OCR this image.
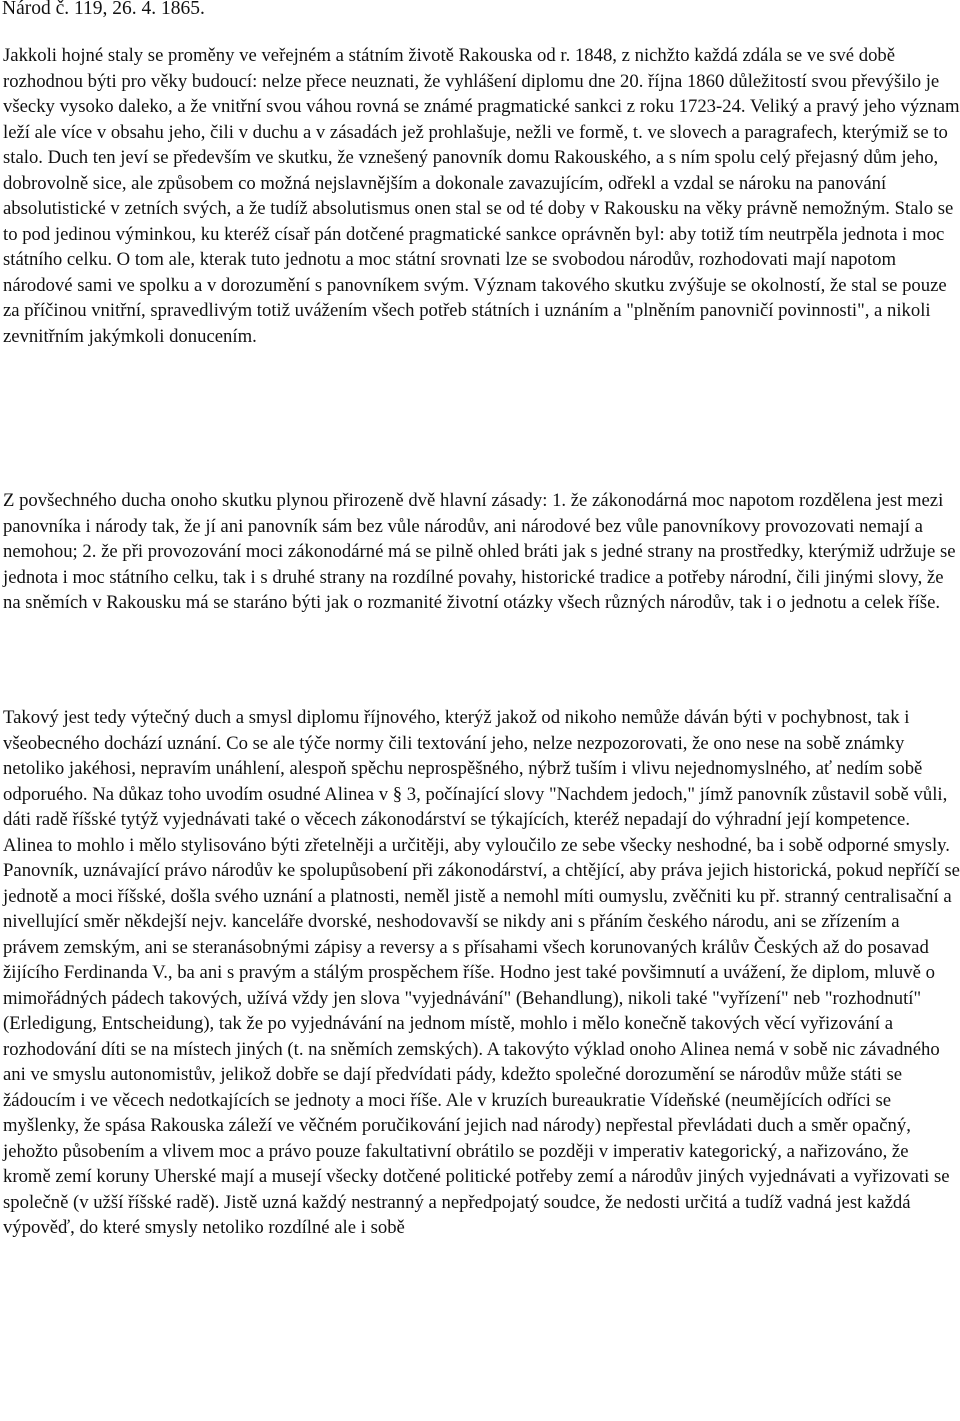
Národ č. 119, 26. 4. 1865.
Jakkoli hojné staly se proměny ve veřejném a státním životě Rakouska od r. 1848, z nichžto každá zdála se ve své době rozhodnou býti pro věky budoucí: nelze přece neuznati, že vyhlášení diplomu dne 20. října 1860 důležitostí svou převýšilo je všecky vysoko daleko, a že vnitřní svou váhou rovná se známé pragmatické sankci z roku 1723-24. Veliký a pravý jeho význam leží ale více v obsahu jeho, čili v duchu a v zásadách jež prohlašuje, nežli ve formě, t. ve slovech a paragrafech, kterýmiž se to stalo. Duch ten jeví se především ve skutku, že vznešený panovník domu Rakouského, a s ním spolu celý přejasný dům jeho, dobrovolně sice, ale způsobem co možná nejslavnějším a dokonale zavazujícím, odřekl a vzdal se nároku na panování absolutistické v zetních svých, a že tudíž absolutismus onen stal se od té doby v Rakousku na věky právně nemožným. Stalo se to pod jedinou výminkou, ku kteréž císař pán dotčené pragmatické sankce oprávněn byl: aby totiž tím neutrpěla jednota i moc státního celku. O tom ale, kterak tuto jednotu a moc státní srovnati lze se svobodou národův, rozhodovati mají napotom národové sami ve spolku a v dorozumění s panovníkem svým. Význam takového skutku zvýšuje se okolností, že stal se pouze za příčinou vnitřní, spravedlivým totiž uvážením všech potřeb státních i uznáním a "plněním panovničí povinnosti", a nikoli zevnitřním jakýmkoli donucením.
Z povšechného ducha onoho skutku plynou přirozeně dvě hlavní zásady: 1. že zákonodárná moc napotom rozdělena jest mezi panovníka i národy tak, že jí ani panovník sám bez vůle národův, ani národové bez vůle panovníkovy provozovati nemají a nemohou; 2. že při provozování moci zákonodárné má se pilně ohled bráti jak s jedné strany na prostředky, kterýmiž udržuje se jednota i moc státního celku, tak i s druhé strany na rozdílné povahy, historické tradice a potřeby národní, čili jinými slovy, že na sněmích v Rakousku má se staráno býti jak o rozmanité životní otázky všech různých národův, tak i o jednotu a celek říše.
Takový jest tedy výtečný duch a smysl diplomu říjnového, kterýž jakož od nikoho nemůže dáván býti v pochybnost, tak i všeobecného dochází uznání. Co se ale týče normy čili textování jeho, nelze nezpozorovati, že ono nese na sobě známky netoliko jakéhosi, nepravím unáhlení, alespoň spěchu neprospěšného, nýbrž tuším i vlivu nejednomyslného, ať nedím sobě odporuého. Na důkaz toho uvodím osudné Alinea v § 3, počínající slovy "Nachdem jedoch," jímž panovník zůstavil sobě vůli, dáti radě říšské tytýž vyjednávati také o věcech zákonodárství se týkajících, kteréž nepadají do výhradní její kompetence. Alinea to mohlo i mělo stylisováno býti zřetelněji a určitěji, aby vyloučilo ze sebe všecky neshodné, ba i sobě odporné smysly. Panovník, uznávající právo národův ke spolupůsobení při zákonodárství, a chtějící, aby práva jejich historická, pokud nepříčí se jednotě a moci říšské, došla svého uznání a platnosti, neměl jistě a nemohl míti oumyslu, zvěčniti ku př. stranný centralisační a nivellující směr někdejší nejv. kanceláře dvorské, neshodovavší se nikdy ani s přáním českého národu, ani se zřízením a právem zemským, ani se steranásobnými zápisy a reversy a s přísahami všech korunovaných králův Českých až do posavad žijícího Ferdinanda V., ba ani s pravým a stálým prospěchem říše. Hodno jest také povšimnutí a uvážení, že diplom, mluvě o mimořádných pádech takových, užívá vždy jen slova "vyjednávání" (Behandlung), nikoli také "vyřízení" neb "rozhodnutí" (Erledigung, Entscheidung), tak že po vyjednávání na jednom místě, mohlo i mělo konečně takových věcí vyřizování a rozhodování díti se na místech jiných (t. na sněmích zemských). A takovýto výklad onoho Alinea nemá v sobě nic závadného ani ve smyslu autonomistův, jelikož dobře se dají předvídati pády, kdežto společné dorozumění se národův může státi se žádoucím i ve věcech nedotkajících se jednoty a moci říše. Ale v kruzích bureaukratie Vídeňské (neumějících odříci se myšlenky, že spása Rakouska záleží ve věčném poručikování jejich nad národy) nepřestal převládati duch a směr opačný, jehožto působením a vlivem moc a právo pouze fakultativní obrátilo se později v imperativ kategorický, a nařizováno, že kromě zemí koruny Uherské mají a musejí všecky dotčené politické potřeby zemí a národův jiných vyjednávati a vyřizovati se společně (v užší říšské radě). Jistě uzná každý nestranný a nepředpojatý soudce, že nedosti určitá a tudíž vadná jest každá výpověď, do které smysly netoliko rozdílné ale i sobě
